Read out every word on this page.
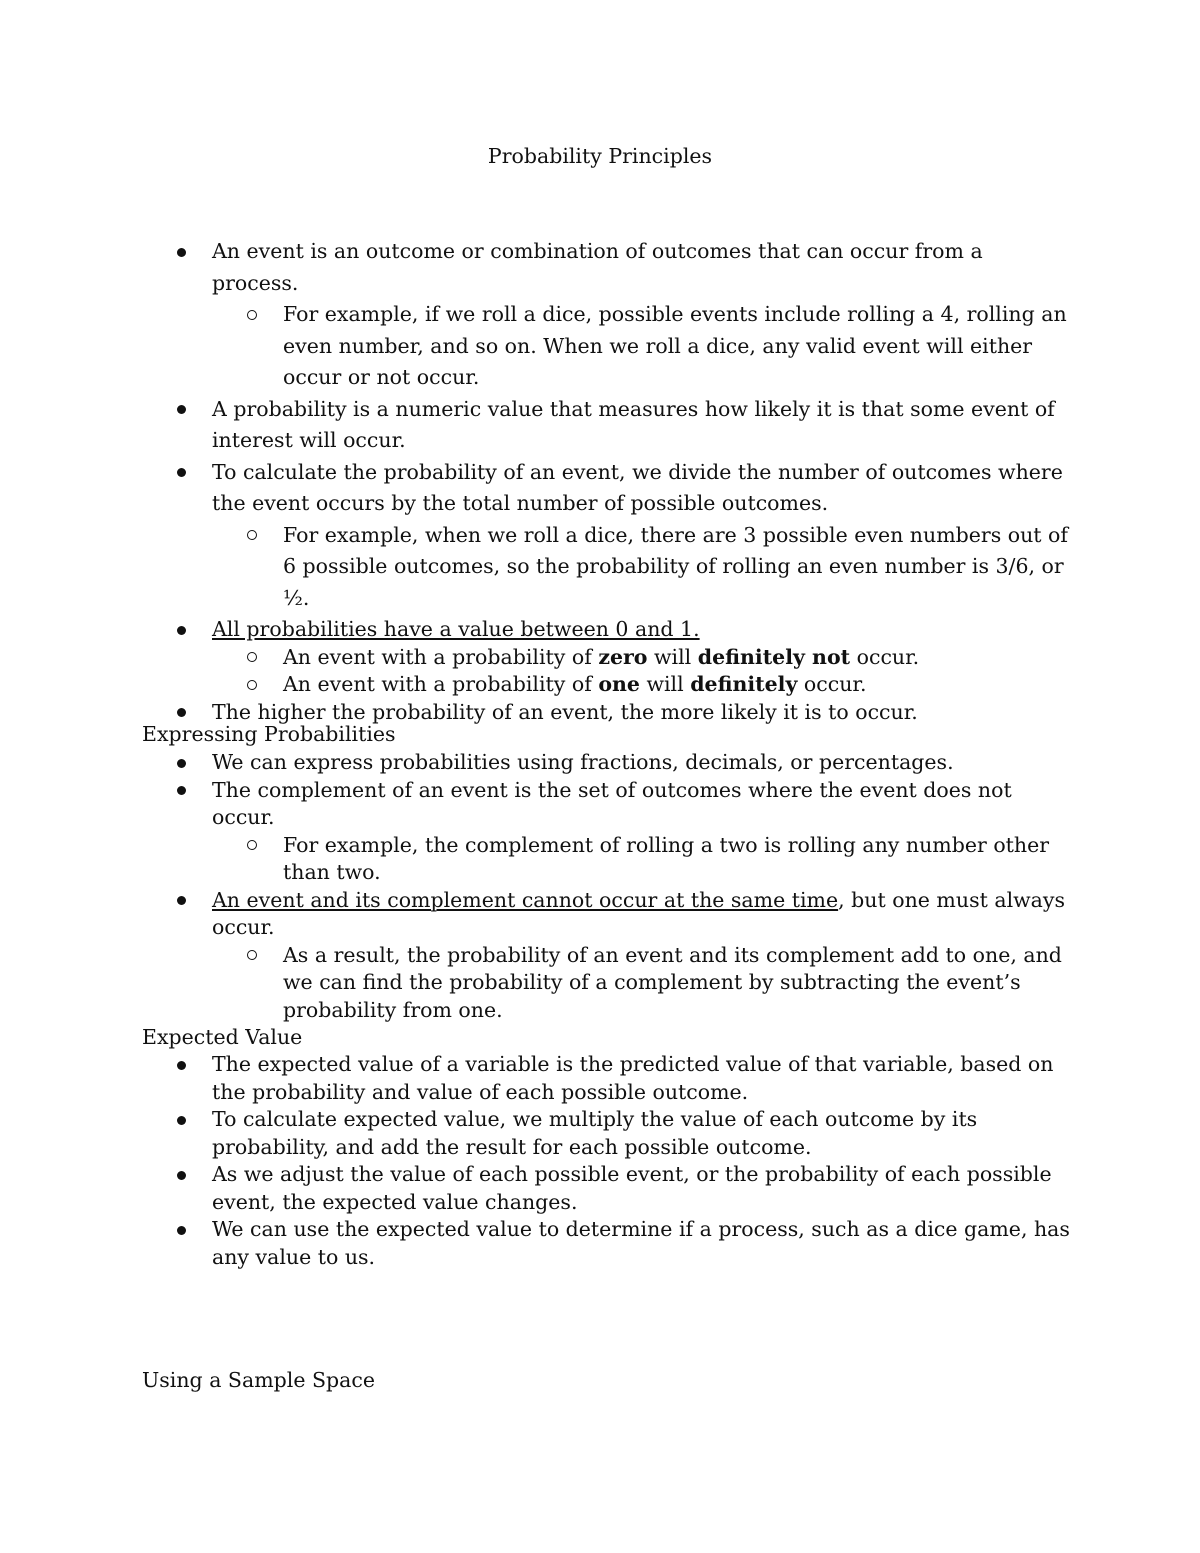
Probability Principles
An event is an outcome or combination of outcomes that can occur from a process.
For example, if we roll a dice, possible events include rolling a 4, rolling an even number, and so on. When we roll a dice, any valid event will either occur or not occur.
A probability is a numeric value that measures how likely it is that some event of interest will occur.
To calculate the probability of an event, we divide the number of outcomes where the event occurs by the total number of possible outcomes.
For example, when we roll a dice, there are 3 possible even numbers out of 6 possible outcomes, so the probability of rolling an even number is 3/6, or ½.
All probabilities have a value between 0 and 1.
An event with a probability of zero will definitely not occur.
An event with a probability of one will definitely occur.
The higher the probability of an event, the more likely it is to occur.
Expressing Probabilities
We can express probabilities using fractions, decimals, or percentages.
The complement of an event is the set of outcomes where the event does not occur.
For example, the complement of rolling a two is rolling any number other than two.
An event and its complement cannot occur at the same time, but one must always occur.
As a result, the probability of an event and its complement add to one, and we can find the probability of a complement by subtracting the event’s probability from one.
Expected Value
The expected value of a variable is the predicted value of that variable, based on the probability and value of each possible outcome.
To calculate expected value, we multiply the value of each outcome by its probability, and add the result for each possible outcome.
As we adjust the value of each possible event, or the probability of each possible event, the expected value changes.
We can use the expected value to determine if a process, such as a dice game, has any value to us.
Using a Sample Space
